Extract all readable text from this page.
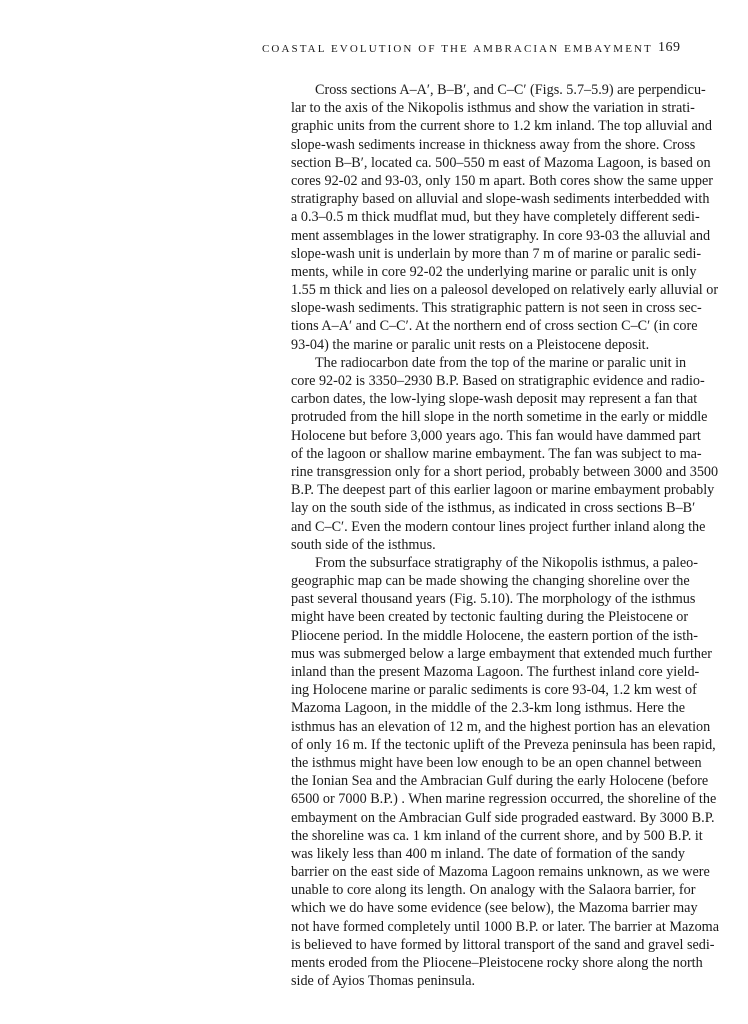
COASTAL EVOLUTION OF THE AMBRACIAN EMBAYMENT 169
Cross sections A–A′, B–B′, and C–C′ (Figs. 5.7–5.9) are perpendicu-
lar to the axis of the Nikopolis isthmus and show the variation in strati-
graphic units from the current shore to 1.2 km inland. The top alluvial and
slope-wash sediments increase in thickness away from the shore. Cross
section B–B′, located ca. 500–550 m east of Mazoma Lagoon, is based on
cores 92-02 and 93-03, only 150 m apart. Both cores show the same upper
stratigraphy based on alluvial and slope-wash sediments interbedded with
a 0.3–0.5 m thick mudflat mud, but they have completely different sedi-
ment assemblages in the lower stratigraphy. In core 93-03 the alluvial and
slope-wash unit is underlain by more than 7 m of marine or paralic sedi-
ments, while in core 92-02 the underlying marine or paralic unit is only
1.55 m thick and lies on a paleosol developed on relatively early alluvial or
slope-wash sediments. This stratigraphic pattern is not seen in cross sec-
tions A–A′ and C–C′. At the northern end of cross section C–C′ (in core
93-04) the marine or paralic unit rests on a Pleistocene deposit.
The radiocarbon date from the top of the marine or paralic unit in
core 92-02 is 3350–2930 B.P. Based on stratigraphic evidence and radio-
carbon dates, the low-lying slope-wash deposit may represent a fan that
protruded from the hill slope in the north sometime in the early or middle
Holocene but before 3,000 years ago. This fan would have dammed part
of the lagoon or shallow marine embayment. The fan was subject to ma-
rine transgression only for a short period, probably between 3000 and 3500
B.P. The deepest part of this earlier lagoon or marine embayment probably
lay on the south side of the isthmus, as indicated in cross sections B–B′
and C–C′. Even the modern contour lines project further inland along the
south side of the isthmus.
From the subsurface stratigraphy of the Nikopolis isthmus, a paleo-
geographic map can be made showing the changing shoreline over the
past several thousand years (Fig. 5.10). The morphology of the isthmus
might have been created by tectonic faulting during the Pleistocene or
Pliocene period. In the middle Holocene, the eastern portion of the isth-
mus was submerged below a large embayment that extended much further
inland than the present Mazoma Lagoon. The furthest inland core yield-
ing Holocene marine or paralic sediments is core 93-04, 1.2 km west of
Mazoma Lagoon, in the middle of the 2.3-km long isthmus. Here the
isthmus has an elevation of 12 m, and the highest portion has an elevation
of only 16 m. If the tectonic uplift of the Preveza peninsula has been rapid,
the isthmus might have been low enough to be an open channel between
the Ionian Sea and the Ambracian Gulf during the early Holocene (before
6500 or 7000 B.P.) . When marine regression occurred, the shoreline of the
embayment on the Ambracian Gulf side prograded eastward. By 3000 B.P.
the shoreline was ca. 1 km inland of the current shore, and by 500 B.P. it
was likely less than 400 m inland. The date of formation of the sandy
barrier on the east side of Mazoma Lagoon remains unknown, as we were
unable to core along its length. On analogy with the Salaora barrier, for
which we do have some evidence (see below), the Mazoma barrier may
not have formed completely until 1000 B.P. or later. The barrier at Mazoma
is believed to have formed by littoral transport of the sand and gravel sedi-
ments eroded from the Pliocene–Pleistocene rocky shore along the north
side of Ayios Thomas peninsula.
